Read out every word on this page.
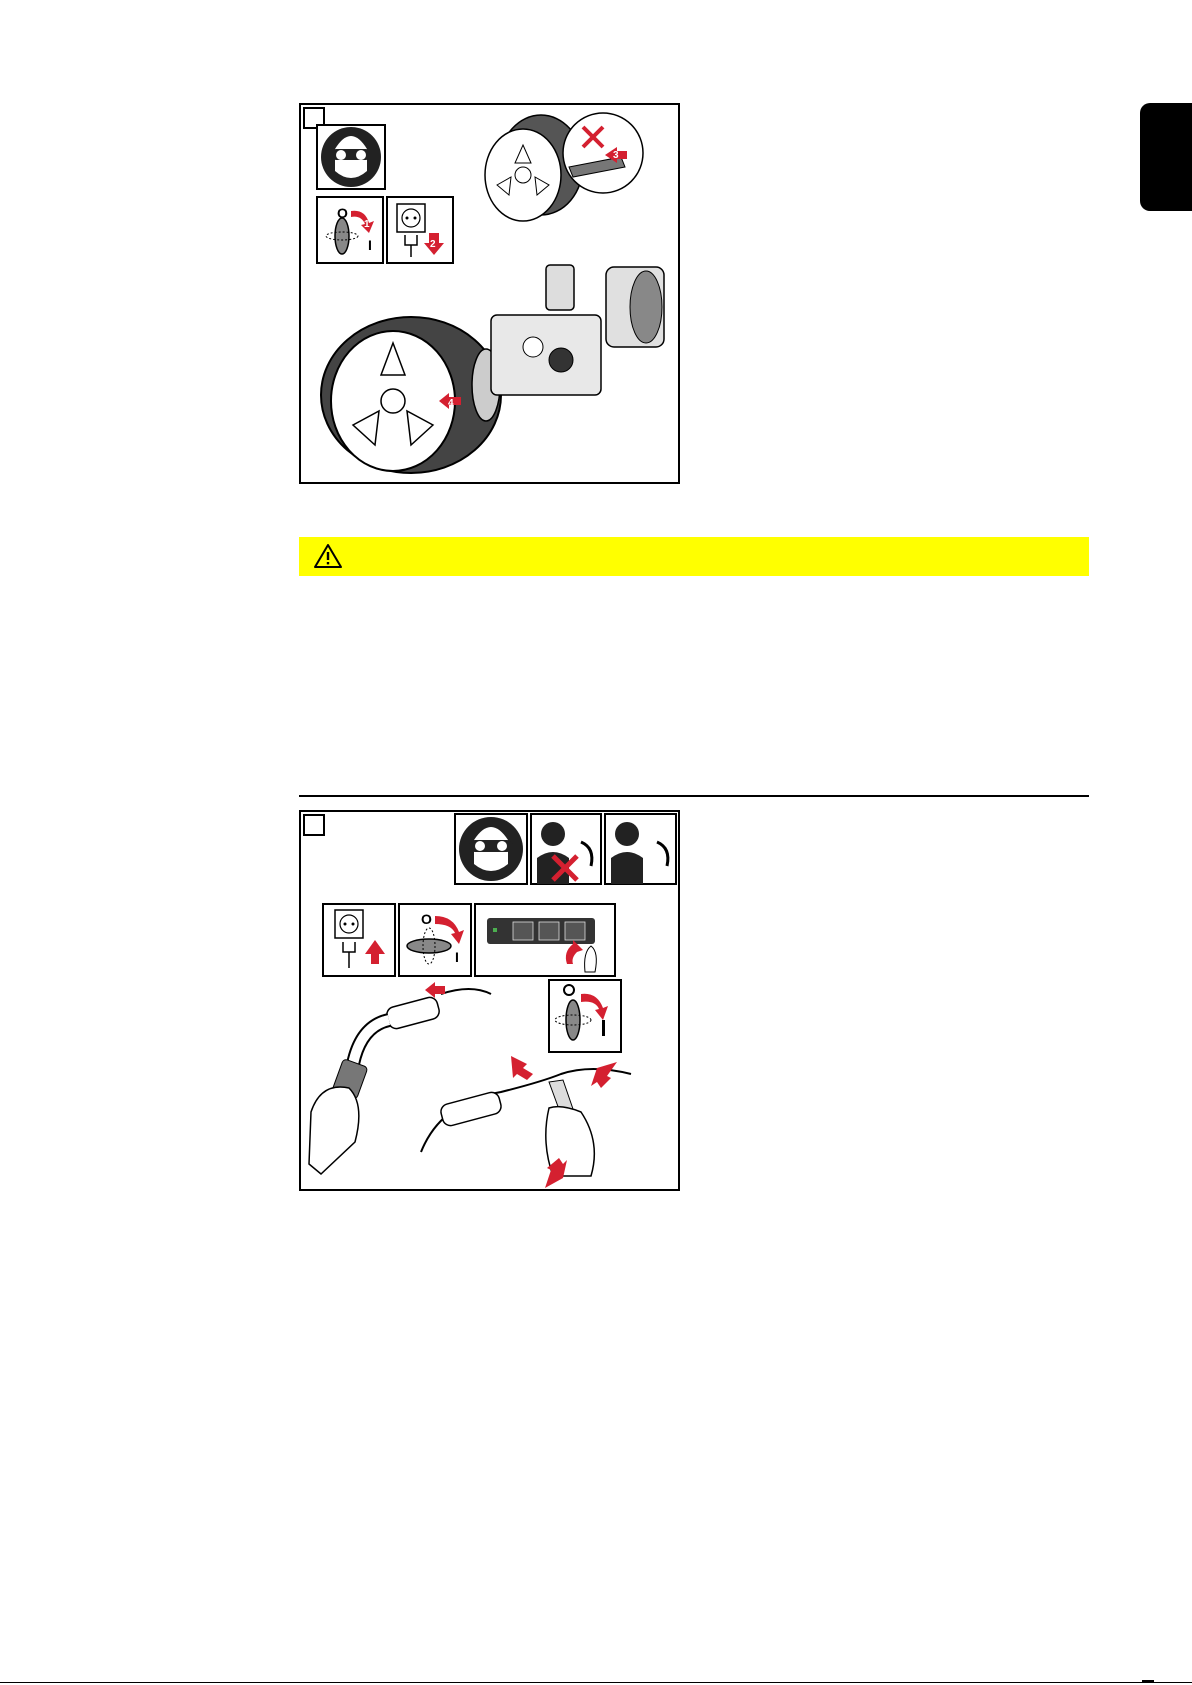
O
I
1
2
3
4
O
I
